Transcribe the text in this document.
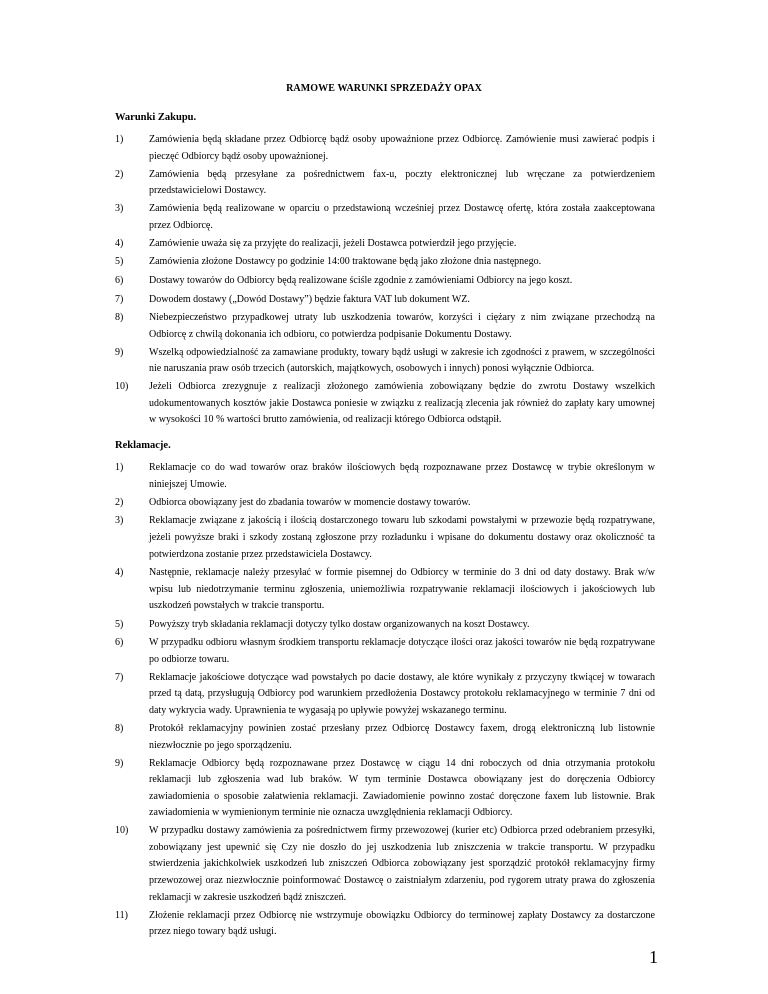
RAMOWE WARUNKI SPRZEDAŻY OPAX
Warunki Zakupu.
1)	Zamówienia będą składane przez Odbiorcę bądź osoby upoważnione przez Odbiorcę. Zamówienie musi zawierać podpis i pieczęć Odbiorcy bądź osoby upoważnionej.
2)	Zamówienia będą przesyłane za pośrednictwem fax-u, poczty elektronicznej lub wręczane za potwierdzeniem przedstawicielowi Dostawcy.
3)	Zamówienia będą realizowane w oparciu o przedstawioną wcześniej przez Dostawcę ofertę, która została zaakceptowana przez Odbiorcę.
4)	Zamówienie uważa się za przyjęte do realizacji, jeżeli Dostawca potwierdził jego przyjęcie.
5)	Zamówienia złożone Dostawcy po godzinie 14:00 traktowane będą jako złożone dnia następnego.
6)	Dostawy towarów do Odbiorcy będą realizowane ściśle zgodnie z zamówieniami Odbiorcy na jego koszt.
7)	Dowodem dostawy („Dowód Dostawy”) będzie faktura VAT lub dokument WZ.
8)	Niebezpieczeństwo przypadkowej utraty lub uszkodzenia towarów, korzyści i ciężary z nim związane przechodzą na Odbiorcę z chwilą dokonania ich odbioru, co potwierdza podpisanie Dokumentu Dostawy.
9)	Wszelką odpowiedzialność za zamawiane produkty, towary bądź usługi w zakresie ich zgodności z prawem, w szczególności nie naruszania praw osób trzecich (autorskich, majątkowych, osobowych i innych) ponosi wyłącznie Odbiorca.
10)	Jeżeli Odbiorca zrezygnuje z realizacji złożonego zamówienia zobowiązany będzie do zwrotu Dostawy wszelkich udokumentowanych kosztów jakie Dostawca poniesie w związku z realizacją zlecenia jak również do zapłaty kary umownej w wysokości 10 % wartości brutto zamówienia, od realizacji którego Odbiorca odstąpił.
Reklamacje.
1)	Reklamacje co do wad towarów oraz braków ilościowych będą rozpoznawane przez Dostawcę w trybie określonym w niniejszej Umowie.
2)	Odbiorca obowiązany jest do zbadania towarów w momencie dostawy towarów.
3)	Reklamacje związane z jakością i ilością dostarczonego towaru lub szkodami powstałymi w przewozie będą rozpatrywane, jeżeli powyższe braki i szkody zostaną zgłoszone przy rozładunku i wpisane do dokumentu dostawy oraz okoliczność ta potwierdzona zostanie przez przedstawiciela Dostawcy.
4)	Następnie, reklamacje należy przesyłać w formie pisemnej do Odbiorcy w terminie do 3 dni od daty dostawy. Brak w/w wpisu lub niedotrzymanie terminu zgłoszenia, uniemożliwia rozpatrywanie reklamacji ilościowych i jakościowych lub uszkodzeń powstałych w trakcie transportu.
5)	Powyższy tryb składania reklamacji dotyczy tylko dostaw organizowanych na koszt Dostawcy.
6)	W przypadku odbioru własnym środkiem transportu reklamacje dotyczące ilości oraz jakości towarów nie będą rozpatrywane po odbiorze towaru.
7)	Reklamacje jakościowe dotyczące wad powstałych po dacie dostawy, ale które wynikały z przyczyny tkwiącej w towarach przed tą datą, przysługują Odbiorcy pod warunkiem przedłożenia Dostawcy protokołu reklamacyjnego w terminie 7 dni od daty wykrycia wady. Uprawnienia te wygasają po upływie powyżej wskazanego terminu.
8)	Protokół reklamacyjny powinien zostać przesłany przez Odbiorcę Dostawcy faxem, drogą elektroniczną lub listownie niezwłocznie po jego sporządzeniu.
9)	Reklamacje Odbiorcy będą rozpoznawane przez Dostawcę w ciągu 14 dni roboczych od dnia otrzymania protokołu reklamacji lub zgłoszenia wad lub braków. W tym terminie Dostawca obowiązany jest do doręczenia Odbiorcy zawiadomienia o sposobie załatwienia reklamacji. Zawiadomienie powinno zostać doręczone faxem lub listownie. Brak zawiadomienia w wymienionym terminie nie oznacza uwzględnienia reklamacji Odbiorcy.
10)	W przypadku dostawy zamówienia za pośrednictwem firmy przewozowej (kurier etc) Odbiorca przed odebraniem przesyłki, zobowiązany jest upewnić się Czy nie doszło do jej uszkodzenia lub zniszczenia w trakcie transportu. W przypadku stwierdzenia jakichkolwiek uszkodzeń lub zniszczeń Odbiorca zobowiązany jest sporządzić protokół reklamacyjny firmy przewozowej oraz niezwłocznie poinformować Dostawcę o zaistniałym zdarzeniu, pod rygorem utraty prawa do zgłoszenia reklamacji w zakresie uszkodzeń bądź zniszczeń.
11)	Złożenie reklamacji przez Odbiorcę nie wstrzymuje obowiązku Odbiorcy do terminowej zapłaty Dostawcy za dostarczone przez niego towary bądź usługi.
1
